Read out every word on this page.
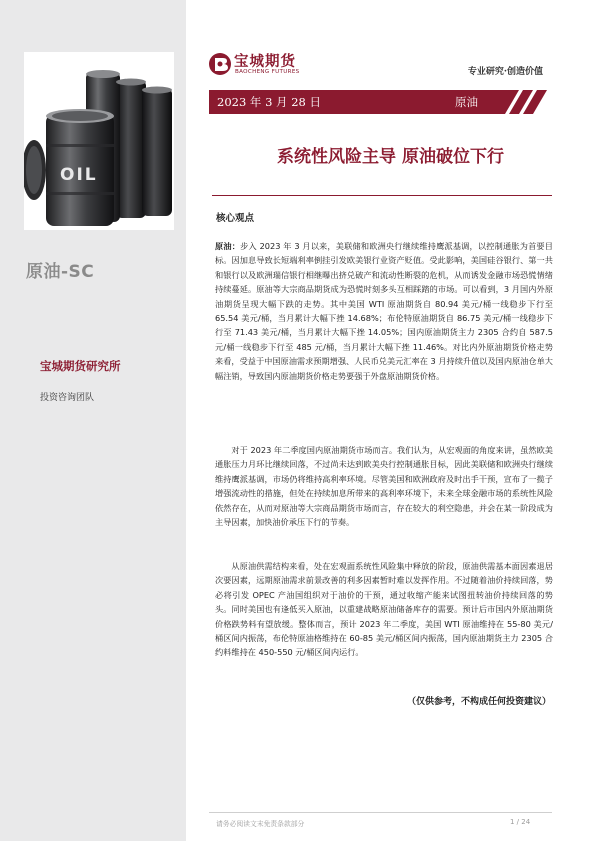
OIL
原油-SC
宝城期货研究所
投资咨询团队
宝城期货
BAOCHENG FUTURES	专业研究·创造价值
2023 年 3 月 28 日	原油
系统性风险主导 原油破位下行
核心观点

原油：步入 2023 年 3 月以来，美联储和欧洲央行继续维持鹰派基调，以控制通胀为首要目标。因加息导致长短端利率倒挂引发欧美银行业资产贬值。受此影响，美国硅谷银行、第一共和银行以及欧洲瑞信银行相继曝出挤兑破产和流动性断裂的危机，从而诱发金融市场恐慌情绪持续蔓延。原油等大宗商品期货成为恐慌时刻多头互相踩踏的市场。可以看到，3 月国内外原油期货呈现大幅下跌的走势。其中美国 WTI 原油期货自 80.94 美元/桶一线稳步下行至 65.54 美元/桶，当月累计大幅下挫 14.68%；布伦特原油期货自 86.75 美元/桶一线稳步下行至 71.43 美元/桶，当月累计大幅下挫 14.05%；国内原油期货主力 2305 合约自 587.5 元/桶一线稳步下行至 485 元/桶，当月累计大幅下挫 11.46%。对比内外原油期货价格走势来看，受益于中国原油需求预期增强、人民币兑美元汇率在 3 月持续升值以及国内原油仓单大幅注销，导致国内原油期货价格走势要强于外盘原油期货价格。

  对于 2023 年二季度国内原油期货市场而言。我们认为，从宏观面的角度来讲，虽然欧美通胀压力月环比继续回落，不过尚未达到欧美央行控制通胀目标，因此美联储和欧洲央行继续维持鹰派基调，市场仍将维持高利率环境。尽管美国和欧洲政府及时出手干预，宣布了一揽子增强流动性的措施，但处在持续加息所带来的高利率环境下，未来全球金融市场的系统性风险依然存在，从而对原油等大宗商品期货市场而言，存在较大的利空隐患，并会在某一阶段成为主导因素，加快油价承压下行的节奏。

  从原油供需结构来看，处在宏观面系统性风险集中释放的阶段，原油供需基本面因素退居次要因素，远期原油需求前景改善的利多因素暂时难以发挥作用。不过随着油价持续回落，势必将引发 OPEC 产油国组织对于油价的干预，通过收缩产能来试图扭转油价持续回落的势头。同时美国也有逢低买入原油，以重建战略原油储备库存的需要。预计后市国内外原油期货价格跌势料有望放缓。整体而言，预计 2023 年二季度，美国 WTI 原油维持在 55-80 美元/桶区间内振荡，布伦特原油格维持在 60-85 美元/桶区间内振荡，国内原油期货主力 2305 合约料维持在 450-550 元/桶区间内运行。

（仅供参考，不构成任何投资建议）
请务必阅读文末免责条款部分	1 / 24
